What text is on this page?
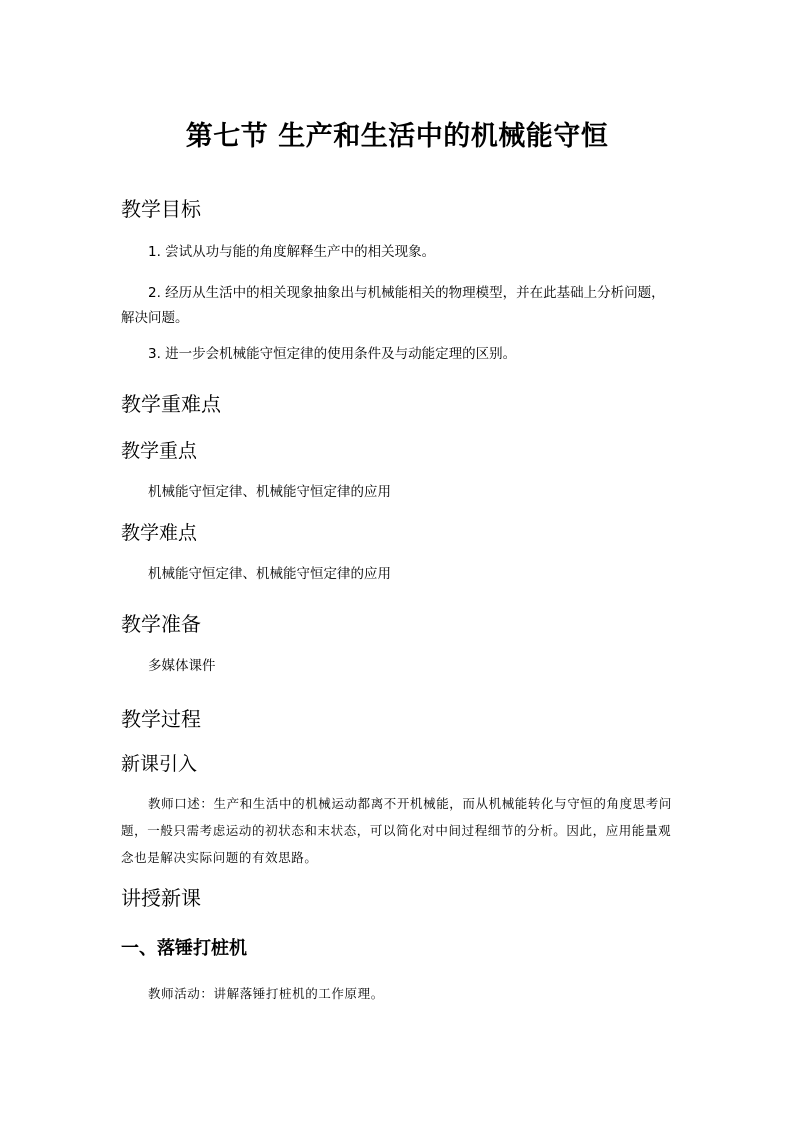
第七节 生产和生活中的机械能守恒
教学目标

1. 尝试从功与能的角度解释生产中的相关现象。

2. 经历从生活中的相关现象抽象出与机械能相关的物理模型，并在此基础上分析问题，解决问题。

3. 进一步会机械能守恒定律的使用条件及与动能定理的区别。

教学重难点
教学重点

机械能守恒定律、机械能守恒定律的应用

教学难点

机械能守恒定律、机械能守恒定律的应用

教学准备

多媒体课件

教学过程
新课引入

教师口述：生产和生活中的机械运动都离不开机械能，而从机械能转化与守恒的角度思考问题，一般只需考虑运动的初状态和末状态，可以简化对中间过程细节的分析。因此，应用能量观念也是解决实际问题的有效思路。

讲授新课
一、落锤打桩机

教师活动：讲解落锤打桩机的工作原理。
